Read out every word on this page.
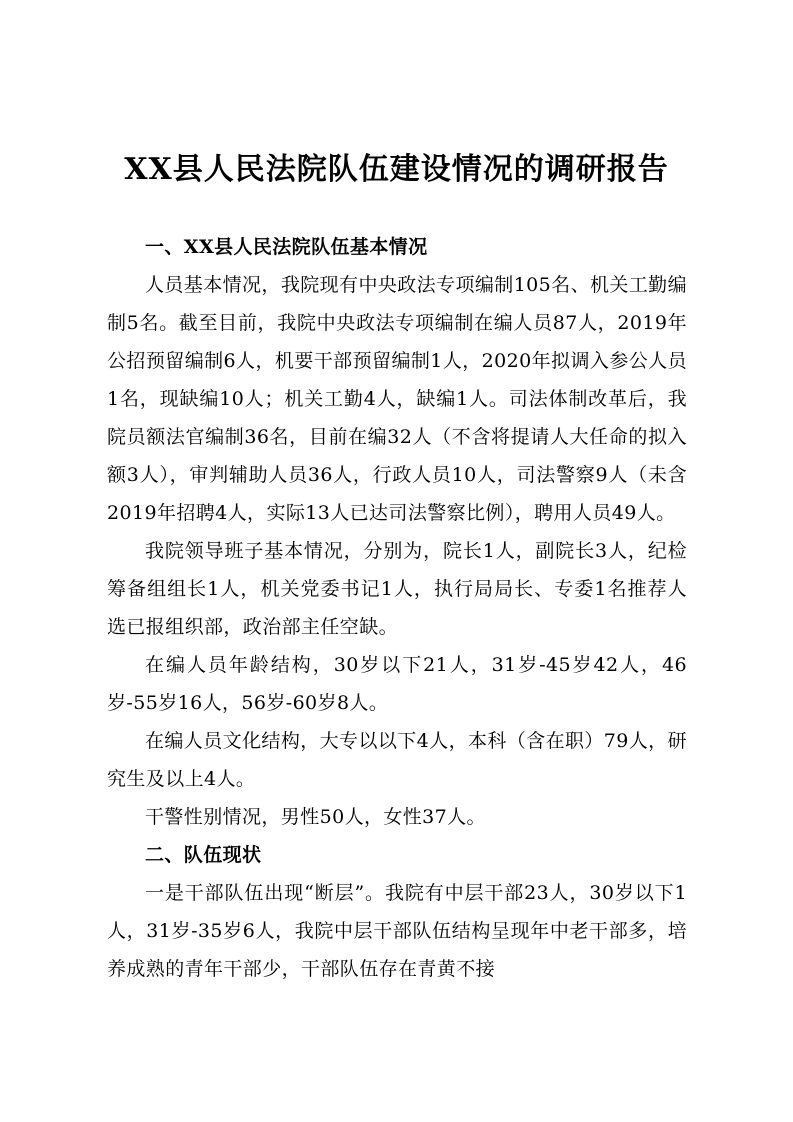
XX县人民法院队伍建设情况的调研报告

一、XX县人民法院队伍基本情况

人员基本情况，我院现有中央政法专项编制105名、机关工勤编制5名。截至目前，我院中央政法专项编制在编人员87人，2019年公招预留编制6人，机要干部预留编制1人，2020年拟调入参公人员1名，现缺编10人；机关工勤4人，缺编1人。司法体制改革后，我院员额法官编制36名，目前在编32人（不含将提请人大任命的拟入额3人），审判辅助人员36人，行政人员10人，司法警察9人（未含2019年招聘4人，实际13人已达司法警察比例），聘用人员49人。

我院领导班子基本情况，分别为，院长1人，副院长3人，纪检筹备组组长1人，机关党委书记1人，执行局局长、专委1名推荐人选已报组织部，政治部主任空缺。

在编人员年龄结构，30岁以下21人，31岁-45岁42人，46岁-55岁16人，56岁-60岁8人。

在编人员文化结构，大专以以下4人，本科（含在职）79人，研究生及以上4人。

干警性别情况，男性50人，女性37人。

二、队伍现状

一是干部队伍出现“断层”。我院有中层干部23人，30岁以下1人，31岁-35岁6人，我院中层干部队伍结构呈现年中老干部多，培养成熟的青年干部少，干部队伍存在青黄不接
